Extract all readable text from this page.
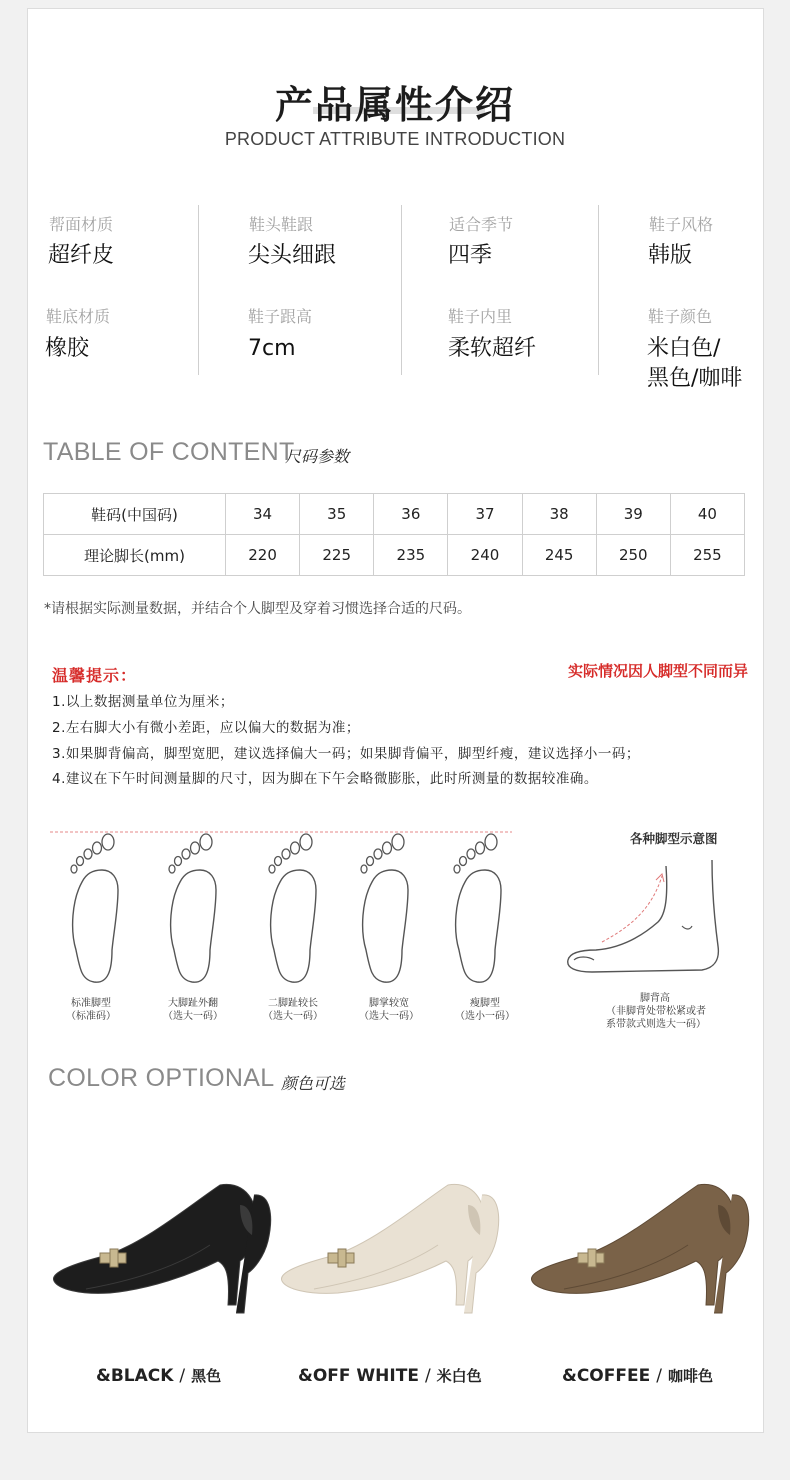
产品属性介绍
PRODUCT ATTRIBUTE INTRODUCTION
帮面材质
超纤皮
鞋头鞋跟
尖头细跟
适合季节
四季
鞋子风格
韩版
鞋底材质
橡胶
鞋子跟高
7cm
鞋子内里
柔软超纤
鞋子颜色
米白色/
黑色/咖啡
TABLE OF CONTENT
尺码参数
鞋码(中国码)	34	35	36	37	38	39	40
理论脚长(mm)	220	225	235	240	245	250	255
*请根据实际测量数据，并结合个人脚型及穿着习惯选择合适的尺码。
温馨提示：	实际情况因人脚型不同而异
1.以上数据测量单位为厘米；
2.左右脚大小有微小差距，应以偏大的数据为准；
3.如果脚背偏高，脚型宽肥，建议选择偏大一码；如果脚背偏平，脚型纤瘦，建议选择小一码；
4.建议在下午时间测量脚的尺寸，因为脚在下午会略微膨胀，此时所测量的数据较准确。
标准脚型
（标准码）
大脚趾外翻
（选大一码）
二脚趾较长
（选大一码）
脚掌较宽
（选大一码）
瘦脚型
（选小一码）
各种脚型示意图
脚背高
（非脚背处带松紧或者
系带款式则选大一码）
COLOR OPTIONAL 颜色可选
&BLACK / 黑色	&OFF WHITE / 米白色	&COFFEE / 咖啡色
